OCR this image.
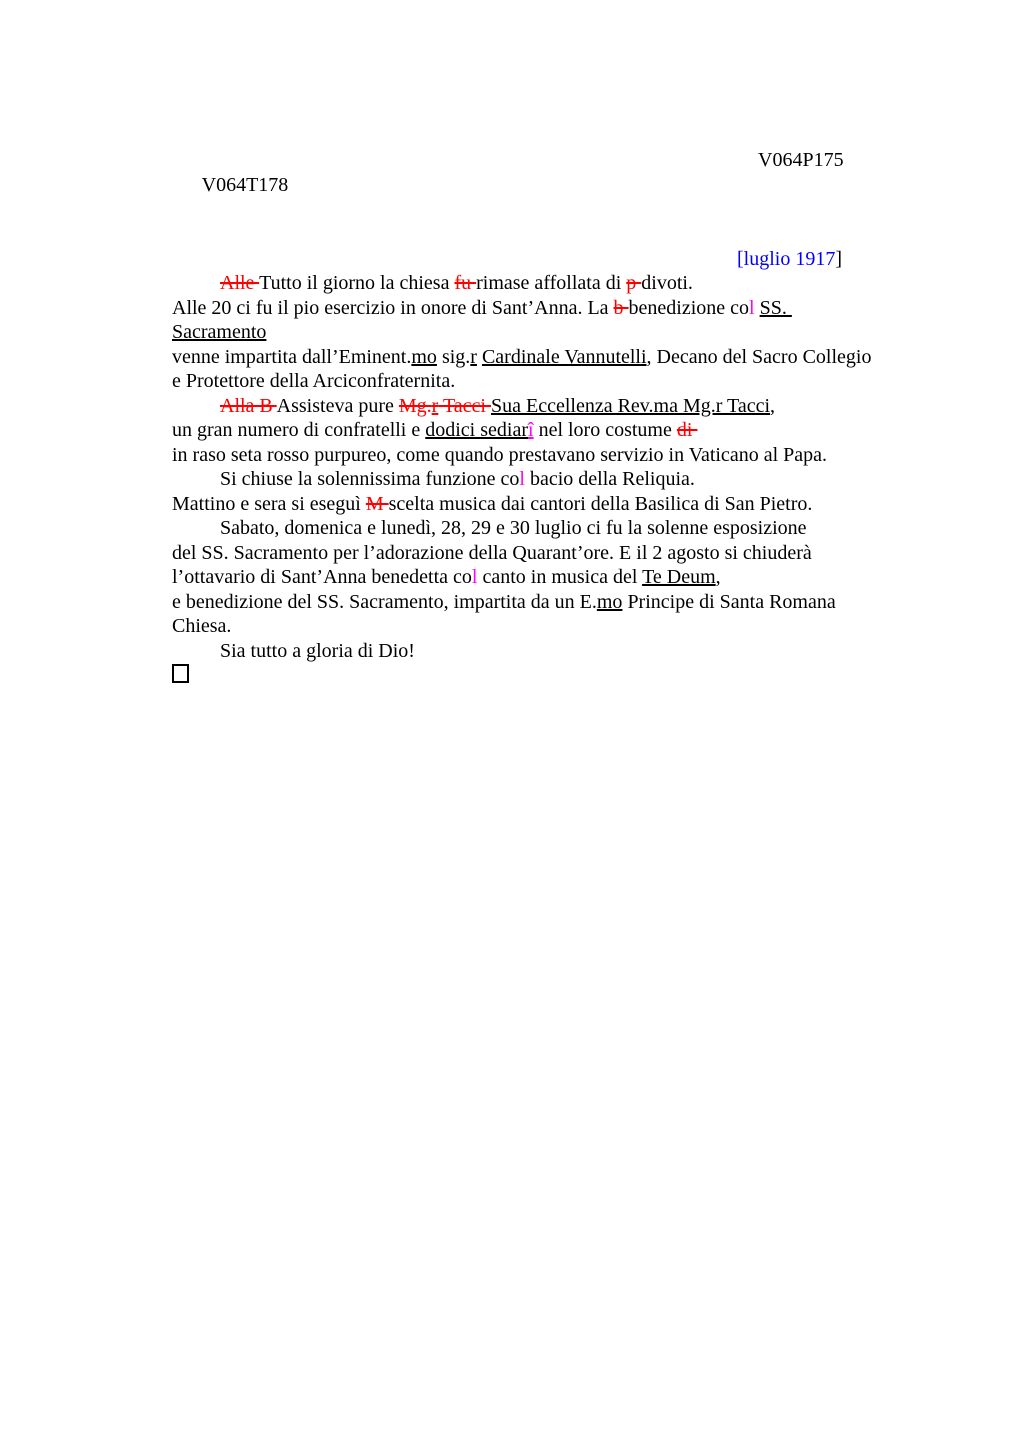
V064T178

V064P175

[luglio 1917]

Alle Tutto il giorno la chiesa fu rimase affollata di p divoti.
Alle 20 ci fu il pio esercizio in onore di Sant’Anna. La b benedizione col SS.
Sacramento
venne impartita dall’Eminent.mo sig.r Cardinale Vannutelli, Decano del Sacro Collegio
e Protettore della Arciconfraternita.
Alla B Assisteva pure Mg.r Tacci Sua Eccellenza Rev.ma Mg.r Tacci,
un gran numero di confratelli e dodici sediarî nel loro costume di
in raso seta rosso purpureo, come quando prestavano servizio in Vaticano al Papa.
Si chiuse la solennissima funzione col bacio della Reliquia.
Mattino e sera si eseguì M scelta musica dai cantori della Basilica di San Pietro.
Sabato, domenica e lunedì, 28, 29 e 30 luglio ci fu la solenne esposizione
del SS. Sacramento per l’adorazione della Quarant’ore. E il 2 agosto si chiuderà
l’ottavario di Sant’Anna benedetta col canto in musica del Te Deum,
e benedizione del SS. Sacramento, impartita da un E.mo Principe di Santa Romana
Chiesa.
Sia tutto a gloria di Dio!
